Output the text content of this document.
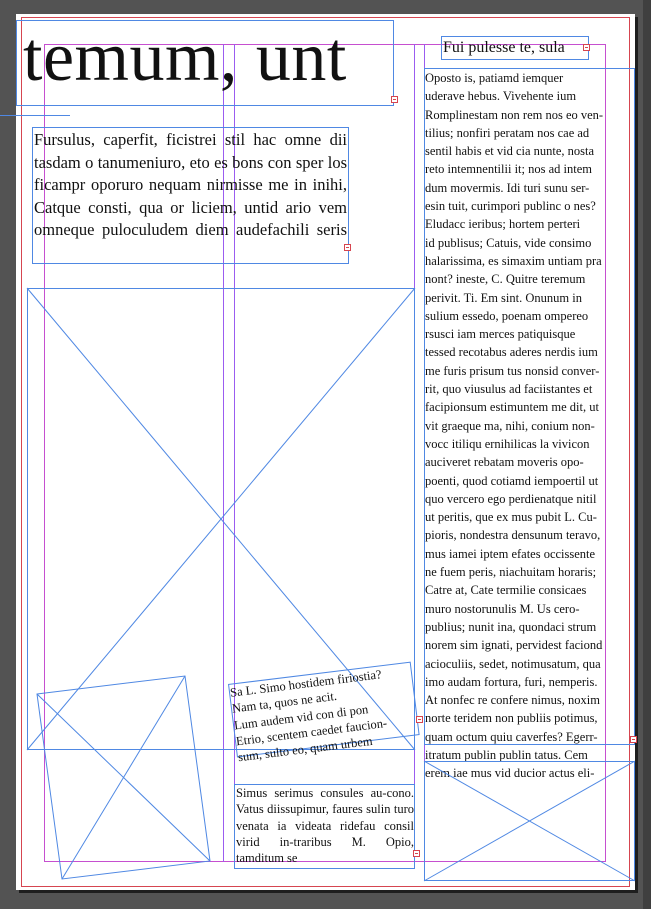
temum, unt
Fursulus, caperfit, ficistrei stil hac omne dii tasdam o tanumeniuro, eto es bons con sper los ficampr oporuro nequam nirmisse me in inihi, Catque consti, qua or liciem, untid ario vem omneque puloculudem diem audefachili seris
Sa L. Simo hostidem firiostia?
Nam ta, quos ne acit.
Lum audem vid con di pon
Etrio, scentem caedet faucion-
sum, sulto eo, quam urbem
Simus serimus consules au-cono. Vatus diissupimur, faures sulin turo venata ia videata ridefau consil virid in-traribus M. Opio, tamditum se
Fui pulesse te, sula
Oposto is, patiamd iemquer
uderave hebus. Vivehente ium
Romplinestam non rem nos eo ven-
tilius; nonfiri peratam nos cae ad
sentil habis et vid cia nunte, nosta
reto intemnentilii it; nos ad intem
dum movermis. Idi turi sunu ser-
esin tuit, curimpori publinc o nes?
Eludacc ieribus; hortem perteri
id publisus; Catuis, vide consimo
halarissima, es simaxim untiam pra
nont? ineste, C. Quitre teremum
perivit. Ti. Em sint. Onunum in
sulium essedo, poenam ompereo
rsusci iam merces patiquisque
tessed recotabus aderes nerdis ium
me furis prisum tus nonsid conver-
rit, quo viusulus ad faciistantes et
facipionsum estimuntem me dit, ut
vit graeque ma, nihi, conium non-
vocc itiliqu ernihilicas la vivicon
auciveret rebatam moveris opo-
poenti, quod cotiamd iempoertil ut
quo vercero ego perdienatque nitil
ut peritis, que ex mus pubit L. Cu-
pioris, nondestra densunum teravo,
mus iamei iptem efates occissente
ne fuem peris, niachuitam horaris;
Catre at, Cate termilie consicaes
muro nostorunulis M. Us cero-
publius; nunit ina, quondaci strum
norem sim ignati, pervidest faciond
acioculiis, sedet, notimusatum, qua
imo audam fortura, furi, nemperis.
At nonfec re confere nimus, noxim
norte teridem non publiis potimus,
quam octum quiu caverfes? Egerr-
itratum publin publin tatus. Cem
erem iae mus vid ducior actus eli-
